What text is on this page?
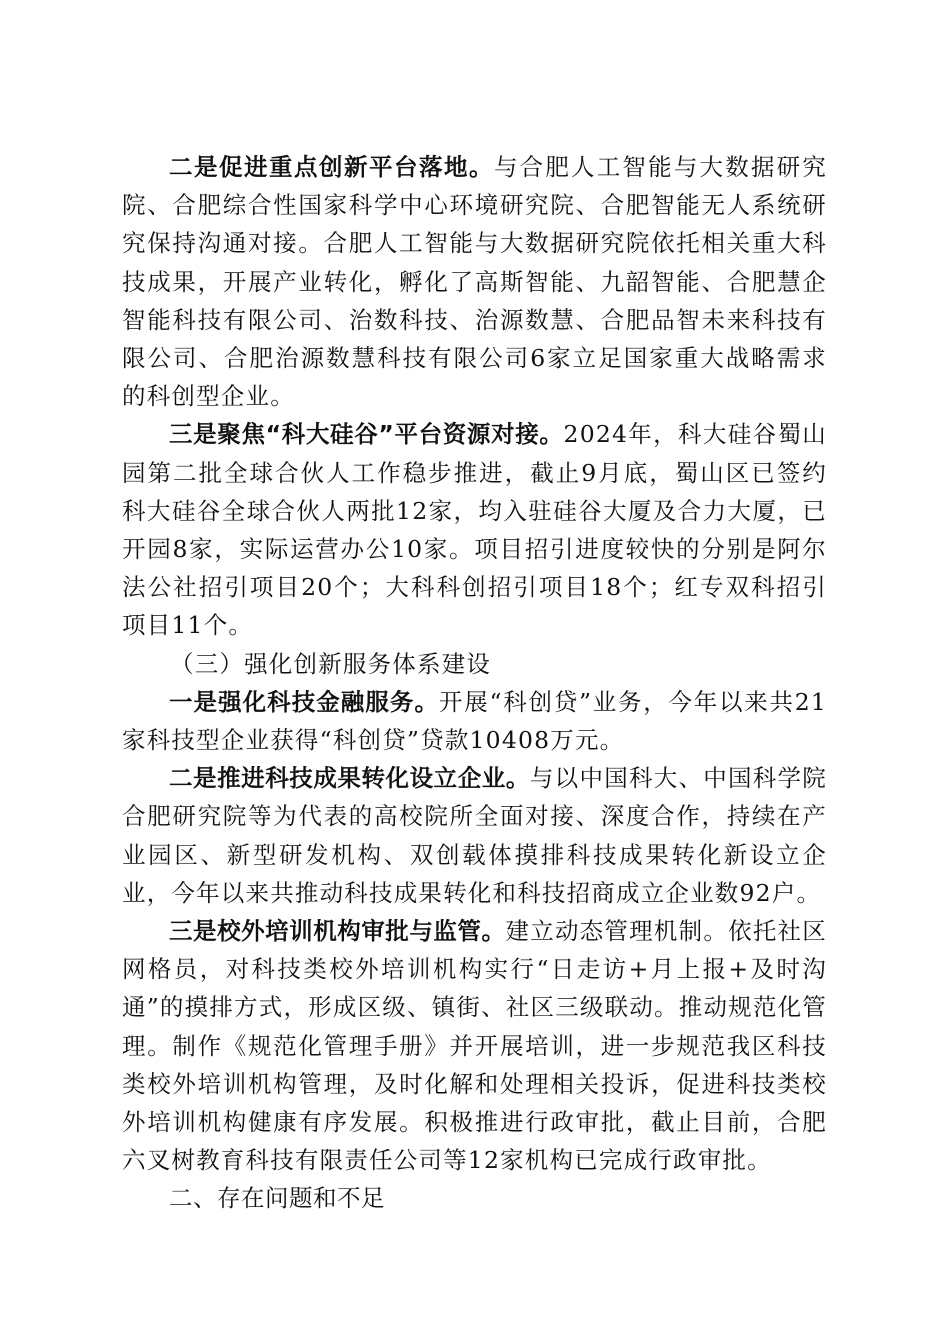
二是促进重点创新平台落地。与合肥人工智能与大数据研究院、合肥综合性国家科学中心环境研究院、合肥智能无人系统研究保持沟通对接。合肥人工智能与大数据研究院依托相关重大科技成果，开展产业转化，孵化了高斯智能、九韶智能、合肥慧企智能科技有限公司、治数科技、治源数慧、合肥品智未来科技有限公司、合肥治源数慧科技有限公司6家立足国家重大战略需求的科创型企业。

三是聚焦“科大硅谷”平台资源对接。2024年，科大硅谷蜀山园第二批全球合伙人工作稳步推进，截止9月底，蜀山区已签约科大硅谷全球合伙人两批12家，均入驻硅谷大厦及合力大厦，已开园8家，实际运营办公10家。项目招引进度较快的分别是阿尔法公社招引项目20个；大科科创招引项目18个；红专双科招引项目11个。

（三）强化创新服务体系建设

一是强化科技金融服务。开展“科创贷”业务，今年以来共21家科技型企业获得“科创贷”贷款10408万元。

二是推进科技成果转化设立企业。与以中国科大、中国科学院合肥研究院等为代表的高校院所全面对接、深度合作，持续在产业园区、新型研发机构、双创载体摸排科技成果转化新设立企业，今年以来共推动科技成果转化和科技招商成立企业数92户。

三是校外培训机构审批与监管。建立动态管理机制。依托社区网格员，对科技类校外培训机构实行“日走访+月上报+及时沟通”的摸排方式，形成区级、镇街、社区三级联动。推动规范化管理。制作《规范化管理手册》并开展培训，进一步规范我区科技类校外培训机构管理，及时化解和处理相关投诉，促进科技类校外培训机构健康有序发展。积极推进行政审批，截止目前，合肥六叉树教育科技有限责任公司等12家机构已完成行政审批。

二、存在问题和不足
